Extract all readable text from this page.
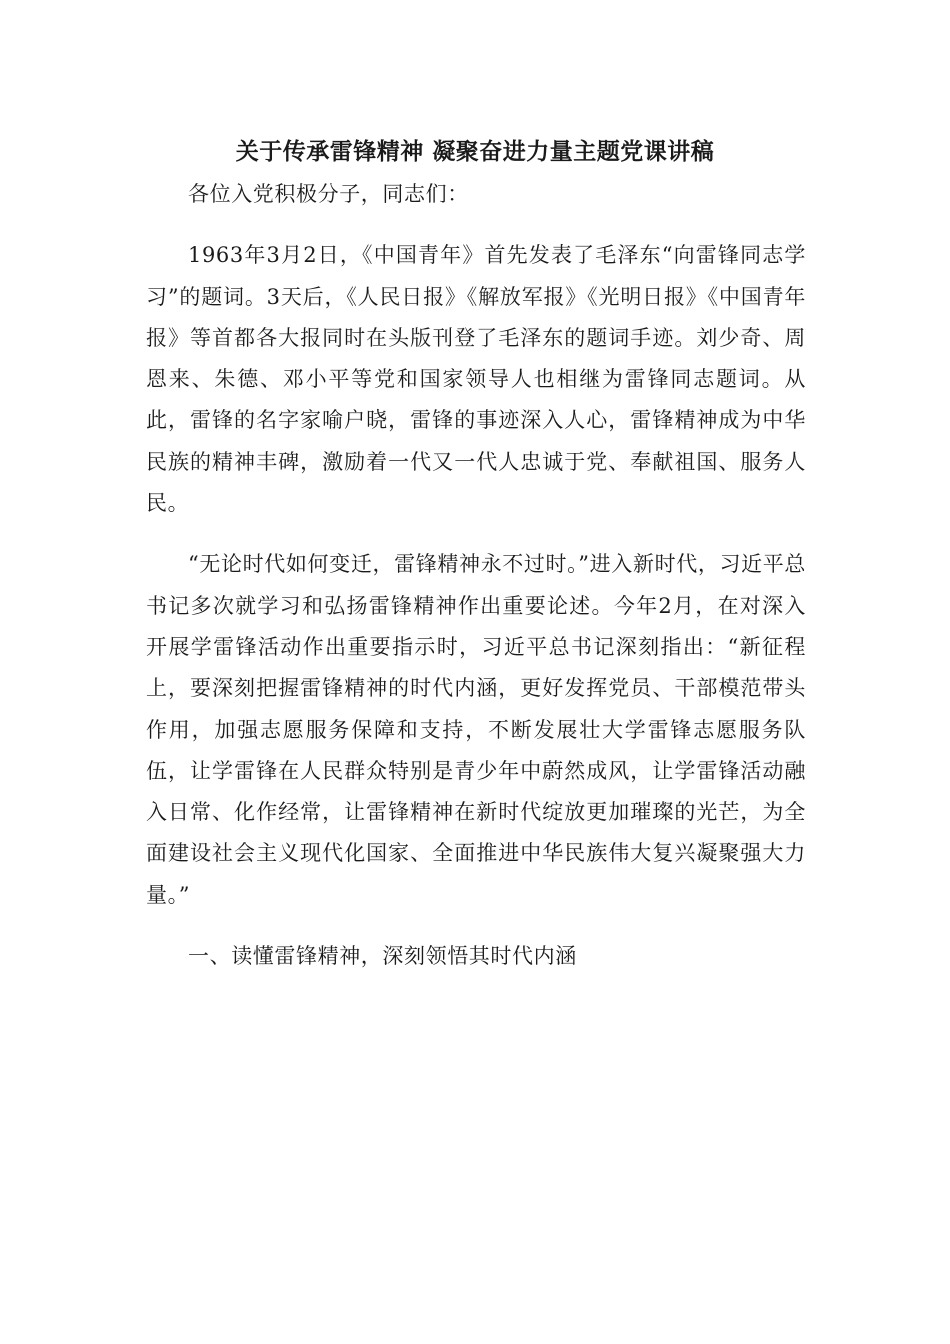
关于传承雷锋精神 凝聚奋进力量主题党课讲稿

各位入党积极分子，同志们：

1963年3月2日，《中国青年》首先发表了毛泽东“向雷锋同志学习”的题词。3天后，《人民日报》《解放军报》《光明日报》《中国青年报》等首都各大报同时在头版刊登了毛泽东的题词手迹。刘少奇、周恩来、朱德、邓小平等党和国家领导人也相继为雷锋同志题词。从此，雷锋的名字家喻户晓，雷锋的事迹深入人心，雷锋精神成为中华民族的精神丰碑，激励着一代又一代人忠诚于党、奉献祖国、服务人民。

“无论时代如何变迁，雷锋精神永不过时。”进入新时代，习近平总书记多次就学习和弘扬雷锋精神作出重要论述。今年2月，在对深入开展学雷锋活动作出重要指示时，习近平总书记深刻指出：“新征程上，要深刻把握雷锋精神的时代内涵，更好发挥党员、干部模范带头作用，加强志愿服务保障和支持，不断发展壮大学雷锋志愿服务队伍，让学雷锋在人民群众特别是青少年中蔚然成风，让学雷锋活动融入日常、化作经常，让雷锋精神在新时代绽放更加璀璨的光芒，为全面建设社会主义现代化国家、全面推进中华民族伟大复兴凝聚强大力量。”

一、读懂雷锋精神，深刻领悟其时代内涵
